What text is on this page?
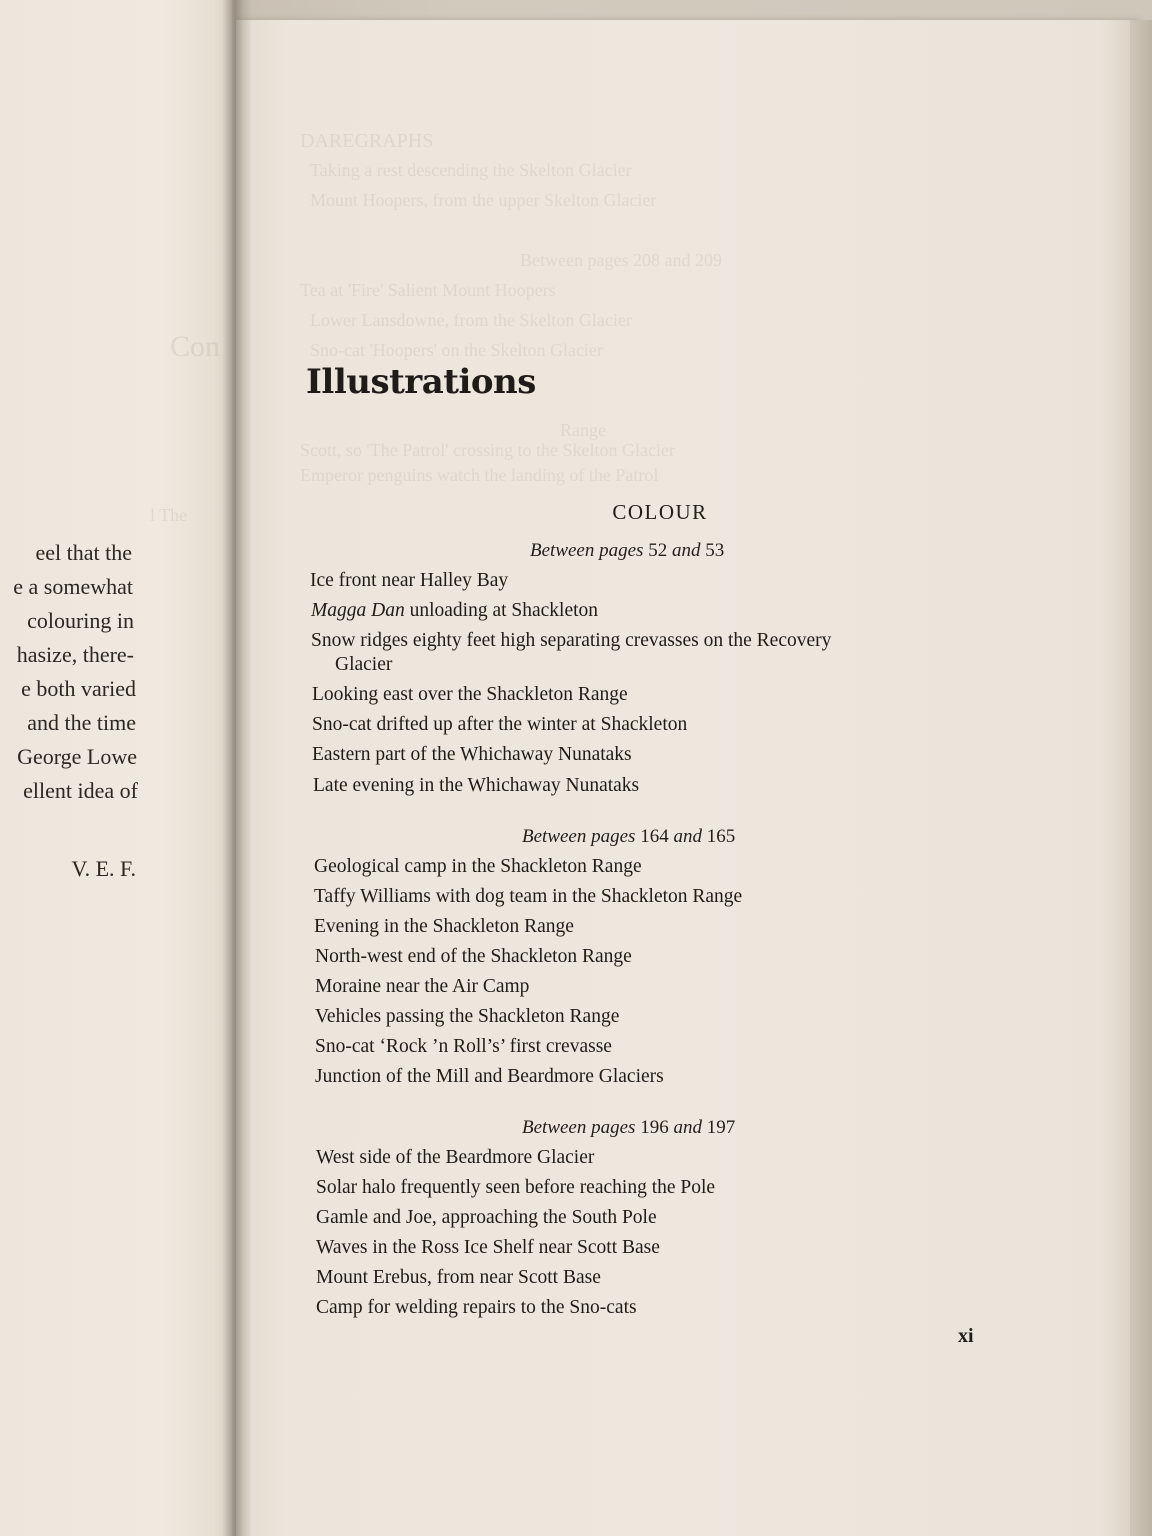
Con
l The
eel that the
e a somewhat
colouring in
hasize, there-
e both varied
and the time
George Lowe
ellent idea of
V. E. F.
DAREGRAPHS
Taking a rest descending the Skelton Glacier
Mount Hoopers, from the upper Skelton Glacier
Between pages 208 and 209
Tea at 'Fire' Salient Mount Hoopers
Lower Lansdowne, from the Skelton Glacier
Sno-cat 'Hoopers' on the Skelton Glacier
Range
Scott, so 'The Patrol' crossing to the Skelton Glacier
Emperor penguins watch the landing of the Patrol
Illustrations
COLOUR
Between pages 52 and 53
Ice front near Halley Bay
Magga Dan unloading at Shackleton
Snow ridges eighty feet high separating crevasses on the Recovery
Glacier
Looking east over the Shackleton Range
Sno-cat drifted up after the winter at Shackleton
Eastern part of the Whichaway Nunataks
Late evening in the Whichaway Nunataks
Between pages 164 and 165
Geological camp in the Shackleton Range
Taffy Williams with dog team in the Shackleton Range
Evening in the Shackleton Range
North-west end of the Shackleton Range
Moraine near the Air Camp
Vehicles passing the Shackleton Range
Sno-cat ‘Rock ’n Roll’s’ first crevasse
Junction of the Mill and Beardmore Glaciers
Between pages 196 and 197
West side of the Beardmore Glacier
Solar halo frequently seen before reaching the Pole
Gamle and Joe, approaching the South Pole
Waves in the Ross Ice Shelf near Scott Base
Mount Erebus, from near Scott Base
Camp for welding repairs to the Sno-cats
xi
